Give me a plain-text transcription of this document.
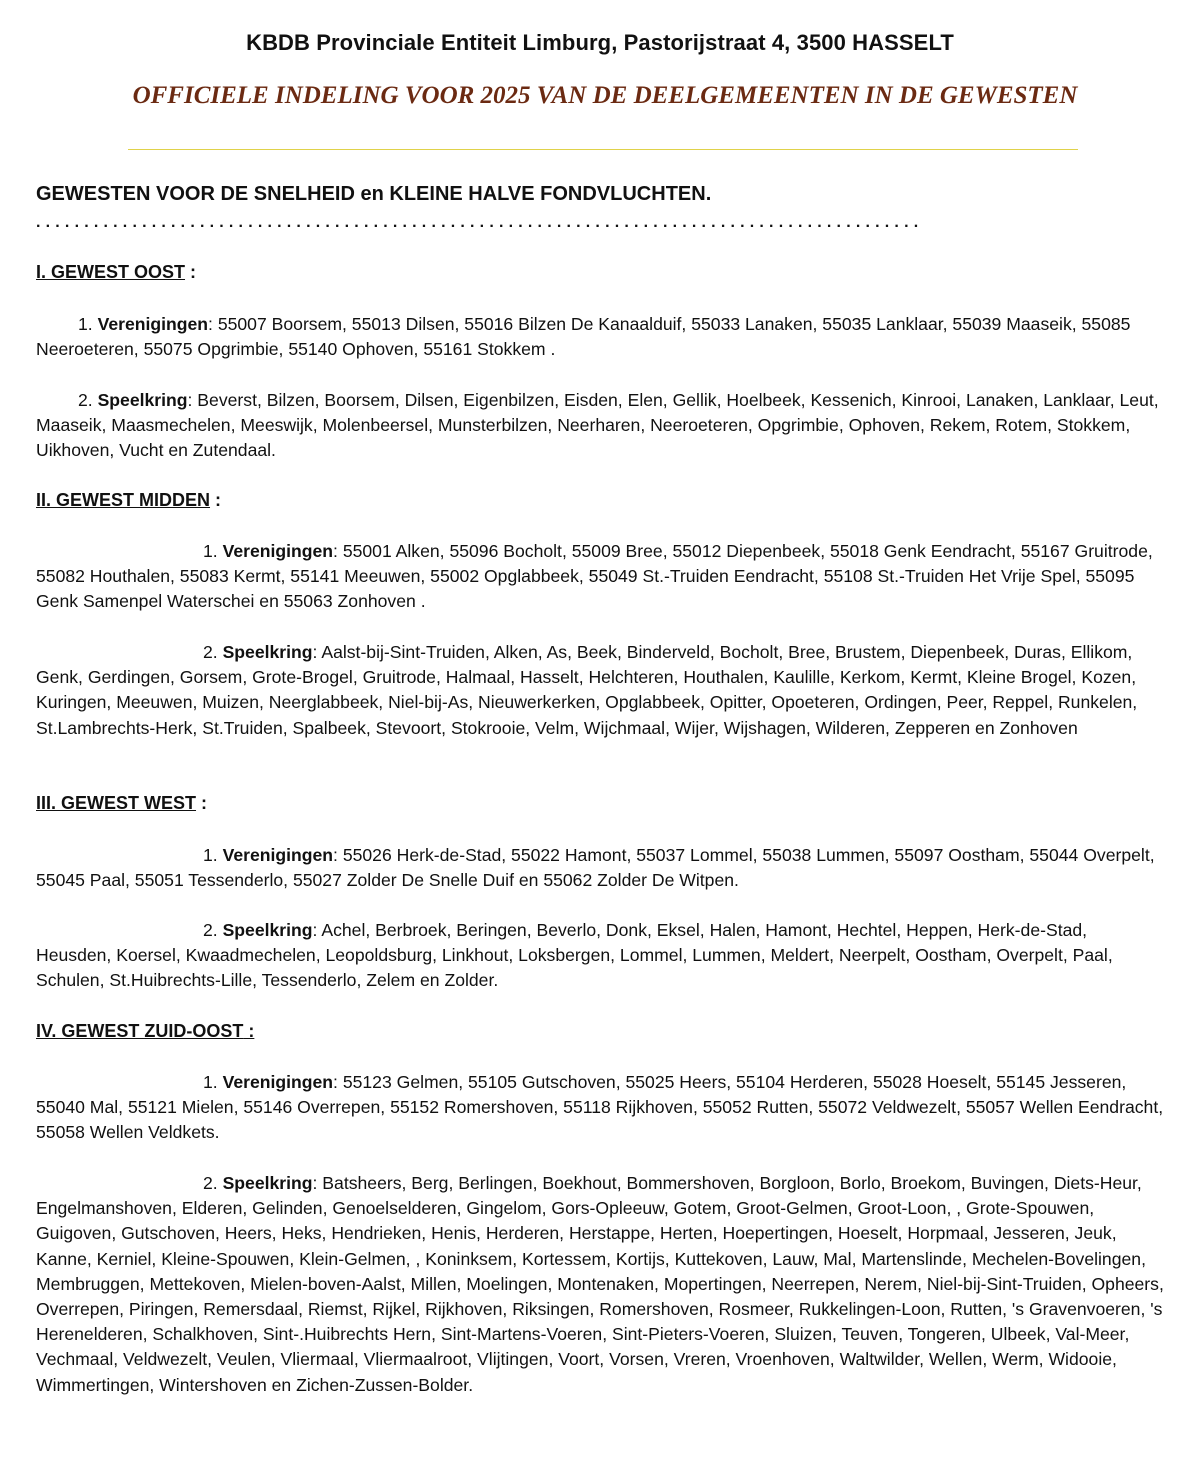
KBDB Provinciale Entiteit Limburg, Pastorijstraat 4, 3500 HASSELT
OFFICIELE INDELING VOOR 2025 VAN DE DEELGEMEENTEN IN DE GEWESTEN
GEWESTEN VOOR DE SNELHEID en KLEINE HALVE FONDVLUCHTEN.
............................................................................................
I. GEWEST OOST :
1. Verenigingen: 55007 Boorsem, 55013 Dilsen, 55016 Bilzen De Kanaalduif, 55033 Lanaken, 55035 Lanklaar, 55039 Maaseik, 55085 Neeroeteren, 55075 Opgrimbie, 55140 Ophoven, 55161 Stokkem .
2. Speelkring: Beverst, Bilzen, Boorsem, Dilsen, Eigenbilzen, Eisden, Elen, Gellik, Hoelbeek, Kessenich, Kinrooi, Lanaken, Lanklaar, Leut, Maaseik, Maasmechelen, Meeswijk, Molenbeersel, Munsterbilzen, Neerharen, Neeroeteren, Opgrimbie, Ophoven, Rekem, Rotem, Stokkem, Uikhoven, Vucht en Zutendaal.
II. GEWEST MIDDEN :
1. Verenigingen: 55001 Alken, 55096 Bocholt, 55009 Bree, 55012 Diepenbeek, 55018 Genk Eendracht, 55167 Gruitrode, 55082 Houthalen, 55083 Kermt, 55141 Meeuwen, 55002 Opglabbeek, 55049 St.-Truiden Eendracht, 55108 St.-Truiden Het Vrije Spel, 55095 Genk Samenpel Waterschei en 55063 Zonhoven .
2. Speelkring: Aalst-bij-Sint-Truiden, Alken, As, Beek, Binderveld, Bocholt, Bree, Brustem, Diepenbeek, Duras, Ellikom, Genk, Gerdingen, Gorsem, Grote-Brogel, Gruitrode, Halmaal, Hasselt, Helchteren, Houthalen, Kaulille, Kerkom, Kermt, Kleine Brogel, Kozen, Kuringen, Meeuwen, Muizen, Neerglabbeek, Niel-bij-As, Nieuwerkerken, Opglabbeek, Opitter, Opoeteren, Ordingen, Peer, Reppel, Runkelen, St.Lambrechts-Herk, St.Truiden, Spalbeek, Stevoort, Stokrooie, Velm, Wijchmaal, Wijer, Wijshagen, Wilderen, Zepperen en Zonhoven
III. GEWEST WEST :
1. Verenigingen: 55026 Herk-de-Stad, 55022 Hamont, 55037 Lommel, 55038 Lummen, 55097 Oostham, 55044 Overpelt, 55045 Paal, 55051 Tessenderlo, 55027 Zolder De Snelle Duif en 55062 Zolder De Witpen.
2. Speelkring: Achel, Berbroek, Beringen, Beverlo, Donk, Eksel, Halen, Hamont, Hechtel, Heppen, Herk-de-Stad, Heusden, Koersel, Kwaadmechelen, Leopoldsburg, Linkhout, Loksbergen, Lommel, Lummen, Meldert, Neerpelt, Oostham, Overpelt, Paal, Schulen, St.Huibrechts-Lille, Tessenderlo, Zelem en Zolder.
IV. GEWEST ZUID-OOST :
1. Verenigingen: 55123 Gelmen, 55105 Gutschoven, 55025 Heers, 55104 Herderen, 55028 Hoeselt, 55145 Jesseren, 55040 Mal, 55121 Mielen, 55146 Overrepen, 55152 Romershoven, 55118 Rijkhoven, 55052 Rutten, 55072 Veldwezelt, 55057 Wellen Eendracht, 55058 Wellen Veldkets.
2. Speelkring: Batsheers, Berg, Berlingen, Boekhout, Bommershoven, Borgloon, Borlo, Broekom, Buvingen, Diets-Heur, Engelmanshoven, Elderen, Gelinden, Genoelselderen, Gingelom, Gors-Opleeuw, Gotem, Groot-Gelmen, Groot-Loon, , Grote-Spouwen, Guigoven, Gutschoven, Heers, Heks, Hendrieken, Henis, Herderen, Herstappe, Herten, Hoepertingen, Hoeselt, Horpmaal, Jesseren, Jeuk, Kanne, Kerniel, Kleine-Spouwen, Klein-Gelmen, , Koninksem, Kortessem, Kortijs, Kuttekoven, Lauw, Mal, Martenslinde, Mechelen-Bovelingen, Membruggen, Mettekoven, Mielen-boven-Aalst, Millen, Moelingen, Montenaken, Mopertingen, Neerrepen, Nerem, Niel-bij-Sint-Truiden, Opheers, Overrepen, Piringen, Remersdaal, Riemst, Rijkel, Rijkhoven, Riksingen, Romershoven, Rosmeer, Rukkelingen-Loon, Rutten, 's Gravenvoeren, 's Herenelderen, Schalkhoven, Sint-.Huibrechts Hern, Sint-Martens-Voeren, Sint-Pieters-Voeren, Sluizen, Teuven, Tongeren, Ulbeek, Val-Meer, Vechmaal, Veldwezelt, Veulen, Vliermaal, Vliermaalroot, Vlijtingen, Voort, Vorsen, Vreren, Vroenhoven, Waltwilder, Wellen, Werm, Widooie, Wimmertingen, Wintershoven en Zichen-Zussen-Bolder.
